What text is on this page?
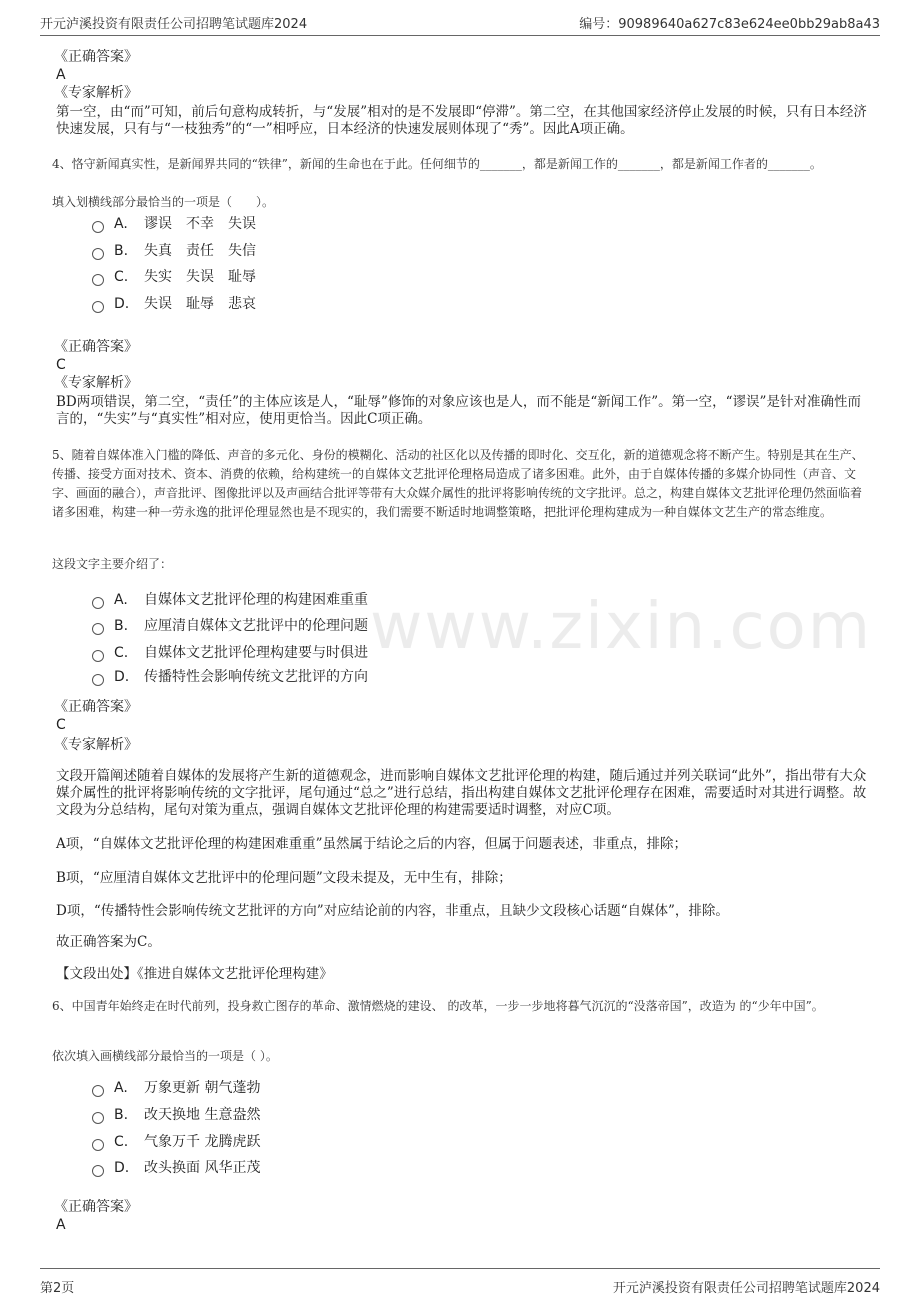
开元泸溪投资有限责任公司招聘笔试题库2024	编号：90989640a627c83e624ee0bb29ab8a43
www.zixin.com
《正确答案》
A
《专家解析》
第一空，由“而”可知，前后句意构成转折，与“发展”相对的是不发展即“停滞”。第二空，在其他国家经济停止发展的时候，只有日本经济快速发展，只有与“一枝独秀”的“一”相呼应，日本经济的快速发展则体现了“秀”。因此A项正确。
4、恪守新闻真实性，是新闻界共同的“铁律”，新闻的生命也在于此。任何细节的_______，都是新闻工作的_______，都是新闻工作者的_______。
填入划横线部分最恰当的一项是（　　）。
A.	谬误　不幸　失误
B.	失真　责任　失信
C.	失实　失误　耻辱
D.	失误　耻辱　悲哀
《正确答案》
C
《专家解析》
BD两项错误，第二空，“责任”的主体应该是人，“耻辱”修饰的对象应该也是人，而不能是“新闻工作”。第一空，“谬误”是针对准确性而言的，“失实”与“真实性”相对应，使用更恰当。因此C项正确。
5、随着自媒体准入门槛的降低、声音的多元化、身份的模糊化、活动的社区化以及传播的即时化、交互化，新的道德观念将不断产生。特别是其在生产、传播、接受方面对技术、资本、消费的依赖，给构建统一的自媒体文艺批评伦理格局造成了诸多困难。此外，由于自媒体传播的多媒介协同性（声音、文字、画面的融合），声音批评、图像批评以及声画结合批评等带有大众媒介属性的批评将影响传统的文字批评。总之，构建自媒体文艺批评伦理仍然面临着诸多困难，构建一种一劳永逸的批评伦理显然也是不现实的，我们需要不断适时地调整策略，把批评伦理构建成为一种自媒体文艺生产的常态维度。
这段文字主要介绍了：
A.	自媒体文艺批评伦理的构建困难重重
B.	应厘清自媒体文艺批评中的伦理问题
C.	自媒体文艺批评伦理构建要与时俱进
D.	传播特性会影响传统文艺批评的方向
《正确答案》
C
《专家解析》
文段开篇阐述随着自媒体的发展将产生新的道德观念，进而影响自媒体文艺批评伦理的构建，随后通过并列关联词“此外”，指出带有大众媒介属性的批评将影响传统的文字批评，尾句通过“总之”进行总结，指出构建自媒体文艺批评伦理存在困难，需要适时对其进行调整。故文段为分总结构，尾句对策为重点，强调自媒体文艺批评伦理的构建需要适时调整，对应C项。
A项，“自媒体文艺批评伦理的构建困难重重”虽然属于结论之后的内容，但属于问题表述，非重点，排除；
B项，“应厘清自媒体文艺批评中的伦理问题”文段未提及，无中生有，排除；
D项，“传播特性会影响传统文艺批评的方向”对应结论前的内容，非重点，且缺少文段核心话题“自媒体”，排除。
故正确答案为C。
【文段出处】《推进自媒体文艺批评伦理构建》
6、中国青年始终走在时代前列，投身救亡图存的革命、激情燃烧的建设、 的改革，一步一步地将暮气沉沉的“没落帝国”，改造为 的“少年中国”。
依次填入画横线部分最恰当的一项是（ ）。
A.	万象更新 朝气蓬勃
B.	改天换地 生意盎然
C.	气象万千 龙腾虎跃
D.	改头换面 风华正茂
《正确答案》
A
第2页	开元泸溪投资有限责任公司招聘笔试题库2024
